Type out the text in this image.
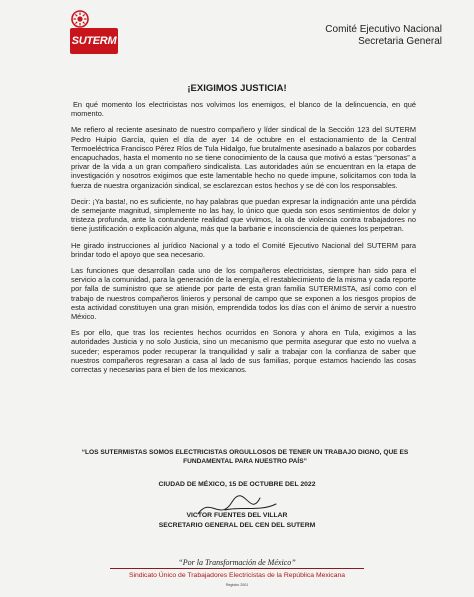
SUTERM
Comité Ejecutivo Nacional
Secretaria General
¡EXIGIMOS JUSTICIA!

En qué momento los electricistas nos volvimos los enemigos, el blanco de la delincuencia, en qué momento.

Me refiero al reciente asesinato de nuestro compañero y líder sindical de la Sección 123 del SUTERM Pedro Huipio García, quien el día de ayer 14 de octubre en el estacionamiento de la Central Termoeléctrica Francisco Pérez Ríos de Tula Hidalgo, fue brutalmente asesinado a balazos por cobardes encapuchados, hasta el momento no se tiene conocimiento de la causa que motivó a estas “personas” a privar de la vida a un gran compañero sindicalista. Las autoridades aún se encuentran en la etapa de investigación y nosotros exigimos que este lamentable hecho no quede impune, solicitamos con toda la fuerza de nuestra organización sindical, se esclarezcan estos hechos y se dé con los responsables.

Decir: ¡Ya basta!, no es suficiente, no hay palabras que puedan expresar la indignación ante una pérdida de semejante magnitud, simplemente no las hay, lo único que queda son esos sentimientos de dolor y tristeza profunda, ante la contundente realidad que vivimos, la ola de violencia contra trabajadores no tiene justificación o explicación alguna, más que la barbarie e inconsciencia de quienes los perpetran.

He girado instrucciones al jurídico Nacional y a todo el Comité Ejecutivo Nacional del SUTERM para brindar todo el apoyo que sea necesario.

Las funciones que desarrollan cada uno de los compañeros electricistas, siempre han sido para el servicio a la comunidad, para la generación de la energía, el restablecimiento de la misma y cada reporte por falla de suministro que se atiende por parte de esta gran familia SUTERMISTA, así como con el trabajo de nuestros compañeros linieros y personal de campo que se exponen a los riesgos propios de esta actividad constituyen una gran misión, emprendida todos los días con el ánimo de servir a nuestro México.

Es por ello, que tras los recientes hechos ocurridos en Sonora y ahora en Tula, exigimos a las autoridades Justicia y no solo Justicia, sino un mecanismo que permita asegurar que esto no vuelva a suceder; esperamos poder recuperar la tranquilidad y salir a trabajar con la confianza de saber que nuestros compañeros regresaran a casa al lado de sus familias, porque estamos haciendo las cosas correctas y necesarias para el bien de los mexicanos.

“LOS SUTERMISTAS SOMOS ELECTRICISTAS ORGULLOSOS DE TENER UN TRABAJO DIGNO, QUE ES FUNDAMENTAL PARA NUESTRO PAÍS”
CIUDAD DE MÉXICO, 15 DE OCTUBRE DEL 2022
VICTOR FUENTES DEL VILLAR
SECRETARIO GENERAL DEL CEN DEL SUTERM
“Por la Transformación de México”
Sindicato Único de Trabajadores Electricistas de la República Mexicana
Registro 2001
